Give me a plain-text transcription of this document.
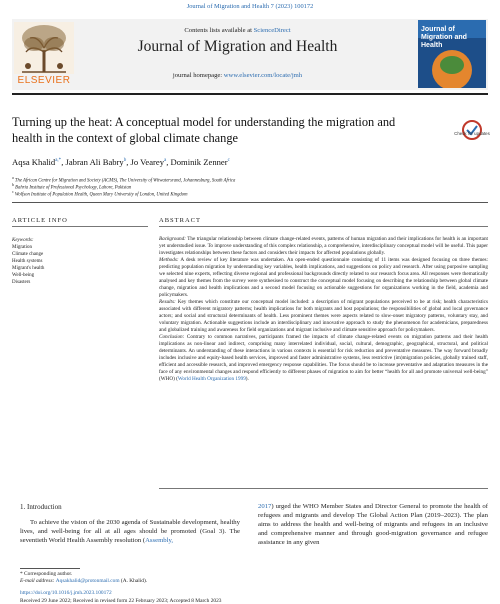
Journal of Migration and Health 7 (2023) 100172
ELSEVIER
Contents lists available at ScienceDirect
Journal of Migration and Health
journal homepage: www.elsevier.com/locate/jmh
Journal of Migration and Health
Turning up the heat: A conceptual model for understanding the migration and health in the context of global climate change	Check for updates
Aqsa Khalid$^{a,*}$, Jabran Ali Babry$^b$, Jo Vearey$^a$, Dominik Zenner$^c$
$^a$ The African Centre for Migration and Society (ACMS), The University of Witwatersrand, Johannesburg, South Africa
$^b$ Bahria Institute of Professional Psychology, Lahore, Pakistan
$^c$ Wolfson Institute of Population Health, Queen Mary University of London, United Kingdom
ARTICLE INFO	ABSTRACT
Keywords:
Migration
Climate change
Health systems
Migrant's health
Well-being
Disasters

Background: The triangular relationship between climate change-related events, patterns of human migration and their implications for health is an important yet understudied issue. To improve understanding of this complex relationship, a comprehensive, interdisciplinary conceptual model will be useful. This paper investigates relationships between these factors and considers their impacts for affected populations globally.

Methods: A desk review of key literature was undertaken. An open-ended questionnaire consisting of 11 items was designed focusing on three themes: predicting population migration by understanding key variables, health implications, and suggestions on policy and research. After using purposive sampling we selected nine experts, reflecting diverse regional and professional backgrounds directly related to our research focus area. All responses were thematically analysed and key themes from the survey were synthesised to construct the conceptual model focusing on describing the relationship between global climate change, migration and health implications and a second model focusing on actionable suggestions for organizations working in the field, academia and policymakers.

Results: Key themes which constitute our conceptual model included: a description of migrant populations perceived to be at risk; health characteristics associated with different migratory patterns; health implications for both migrants and host populations; the responsibilities of global and local governance actors; and social and structural determinants of health. Less prominent themes were aspects related to slow-onset migratory patterns, voluntary stay, and voluntary migration. Actionable suggestions include an interdisciplinary and innovative approach to study the phenomenon for academicians, preparedness and globalized training and awareness for field organizations and migrant inclusive and climate sensitive approach for policymakers.

Conclusion: Contrary to common narratives, participants framed the impacts of climate change-related events on migration patterns and their health implications as non-linear and indirect, comprising many interrelated individual, social, cultural, demographic, geographical, structural, and political determinants. An understanding of these interactions in various contexts is essential for risk reduction and preventative measures. The way forward broadly includes inclusive and equity-based health services, improved and faster administrative systems, less restrictive (im)migration policies, globally trained staff, efficient and accessible research, and improved emergency response capabilities. The focus should be to increase preventative and adaptation measures in the face of any environmental changes and respond efficiently to different phases of migration to aim for better “health for all and promote universal well-being” (WHO) (World Health Organization 1999).

1. Introduction
To achieve the vision of the 2030 agenda of Sustainable development, healthy lives, and well-being for all at all ages should be promoted (Goal 3). The seventieth World Health Assembly resolution (Assembly,
2017) urged the WHO Member States and Director General to promote the health of refugees and migrants and develop The Global Action Plan (2019–2023). The plan aims to address the health and well-being of migrants and refugees in an inclusive and comprehensive manner and through good-migration governance and refugee assistance in any given
* Corresponding author.
E-mail address: Aqsakhalid@protonmail.com (A. Khalid).
https://doi.org/10.1016/j.jmh.2023.100172
Received 29 June 2022; Received in revised form 22 February 2023; Accepted 8 March 2023
